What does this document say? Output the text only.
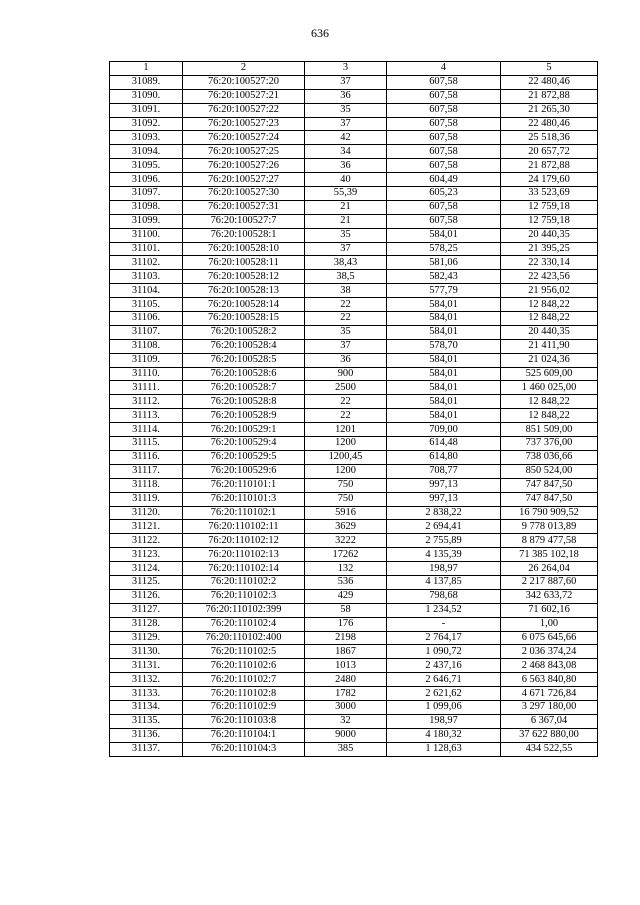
636
1	2	3	4	5
31089.	76:20:100527:20	37	607,58	22 480,46
31090.	76:20:100527:21	36	607,58	21 872,88
31091.	76:20:100527:22	35	607,58	21 265,30
31092.	76:20:100527:23	37	607,58	22 480,46
31093.	76:20:100527:24	42	607,58	25 518,36
31094.	76:20:100527:25	34	607,58	20 657,72
31095.	76:20:100527:26	36	607,58	21 872,88
31096.	76:20:100527:27	40	604,49	24 179,60
31097.	76:20:100527:30	55,39	605,23	33 523,69
31098.	76:20:100527:31	21	607,58	12 759,18
31099.	76:20:100527:7	21	607,58	12 759,18
31100.	76:20:100528:1	35	584,01	20 440,35
31101.	76:20:100528:10	37	578,25	21 395,25
31102.	76:20:100528:11	38,43	581,06	22 330,14
31103.	76:20:100528:12	38,5	582,43	22 423,56
31104.	76:20:100528:13	38	577,79	21 956,02
31105.	76:20:100528:14	22	584,01	12 848,22
31106.	76:20:100528:15	22	584,01	12 848,22
31107.	76:20:100528:2	35	584,01	20 440,35
31108.	76:20:100528:4	37	578,70	21 411,90
31109.	76:20:100528:5	36	584,01	21 024,36
31110.	76:20:100528:6	900	584,01	525 609,00
31111.	76:20:100528:7	2500	584,01	1 460 025,00
31112.	76:20:100528:8	22	584,01	12 848,22
31113.	76:20:100528:9	22	584,01	12 848,22
31114.	76:20:100529:1	1201	709,00	851 509,00
31115.	76:20:100529:4	1200	614,48	737 376,00
31116.	76:20:100529:5	1200,45	614,80	738 036,66
31117.	76:20:100529:6	1200	708,77	850 524,00
31118.	76:20:110101:1	750	997,13	747 847,50
31119.	76:20:110101:3	750	997,13	747 847,50
31120.	76:20:110102:1	5916	2 838,22	16 790 909,52
31121.	76:20:110102:11	3629	2 694,41	9 778 013,89
31122.	76:20:110102:12	3222	2 755,89	8 879 477,58
31123.	76:20:110102:13	17262	4 135,39	71 385 102,18
31124.	76:20:110102:14	132	198,97	26 264,04
31125.	76:20:110102:2	536	4 137,85	2 217 887,60
31126.	76:20:110102:3	429	798,68	342 633,72
31127.	76:20:110102:399	58	1 234,52	71 602,16
31128.	76:20:110102:4	176	-	1,00
31129.	76:20:110102:400	2198	2 764,17	6 075 645,66
31130.	76:20:110102:5	1867	1 090,72	2 036 374,24
31131.	76:20:110102:6	1013	2 437,16	2 468 843,08
31132.	76:20:110102:7	2480	2 646,71	6 563 840,80
31133.	76:20:110102:8	1782	2 621,62	4 671 726,84
31134.	76:20:110102:9	3000	1 099,06	3 297 180,00
31135.	76:20:110103:8	32	198,97	6 367,04
31136.	76:20:110104:1	9000	4 180,32	37 622 880,00
31137.	76:20:110104:3	385	1 128,63	434 522,55
